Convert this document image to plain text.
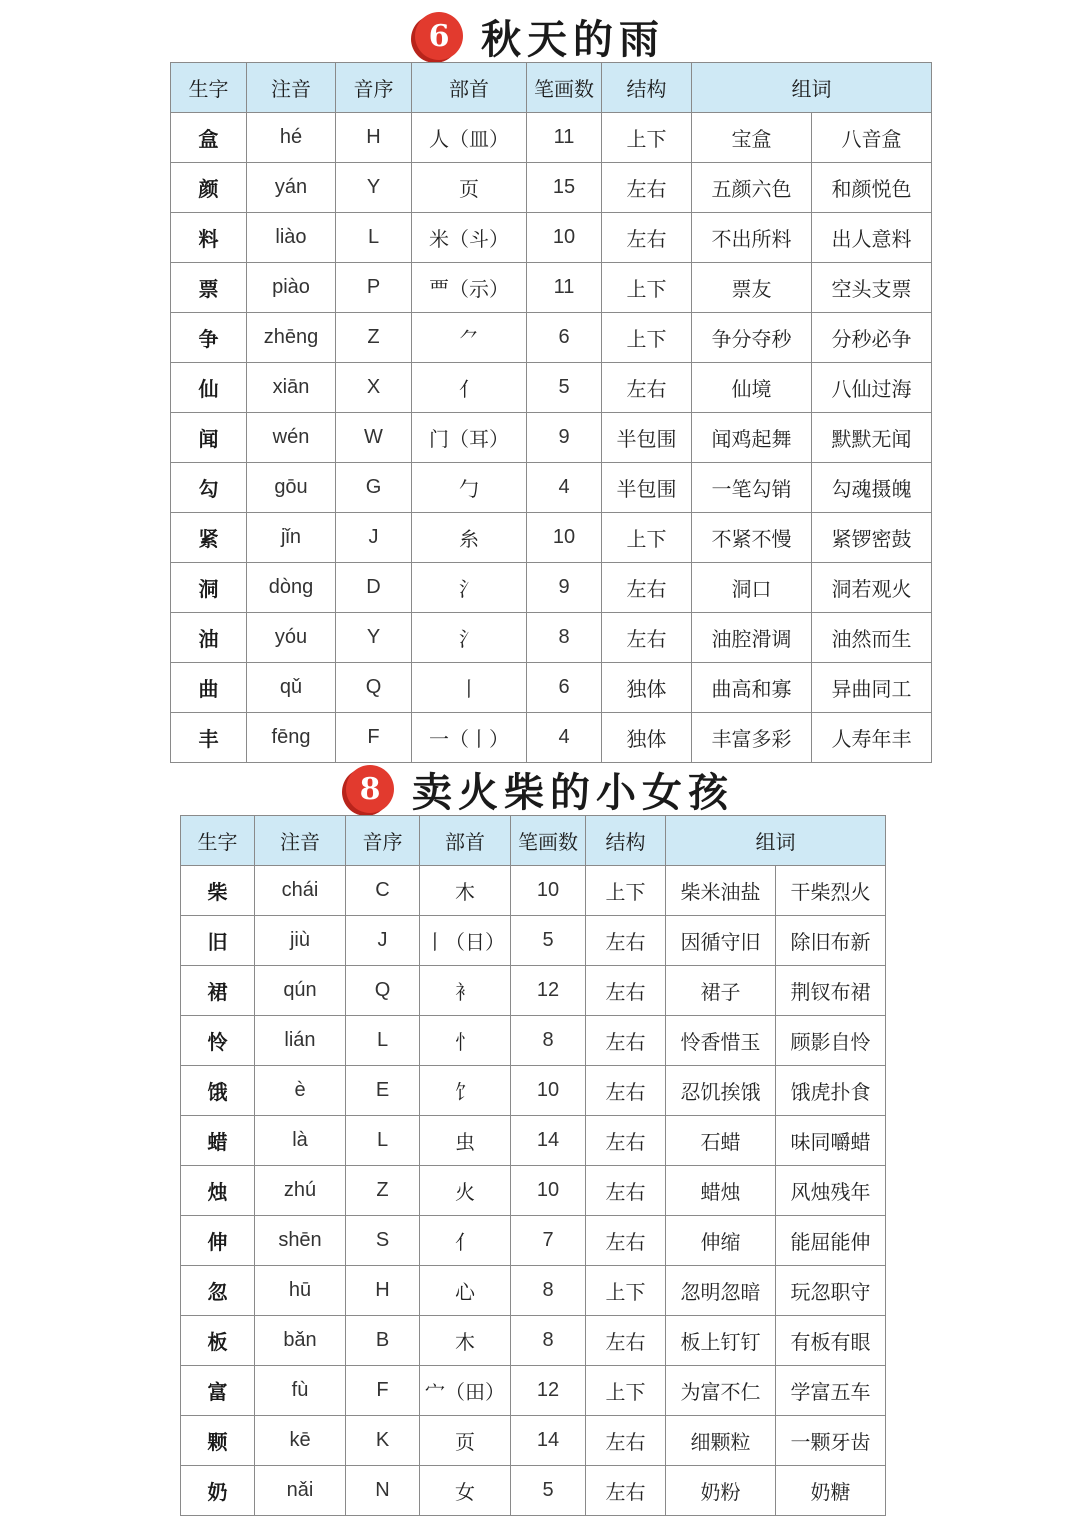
6 秋天的雨
生字	注音	音序	部首	笔画数	结构	组词	
盒	hé	H	人（皿）	11	上下	宝盒	八音盒
颜	yán	Y	页	15	左右	五颜六色	和颜悦色
料	liào	L	米（斗）	10	左右	不出所料	出人意料
票	piào	P	覀（示）	11	上下	票友	空头支票
争	zhēng	Z	⺈	6	上下	争分夺秒	分秒必争
仙	xiān	X	亻	5	左右	仙境	八仙过海
闻	wén	W	门（耳）	9	半包围	闻鸡起舞	默默无闻
勾	gōu	G	勹	4	半包围	一笔勾销	勾魂摄魄
紧	jǐn	J	糸	10	上下	不紧不慢	紧锣密鼓
洞	dòng	D	氵	9	左右	洞口	洞若观火
油	yóu	Y	氵	8	左右	油腔滑调	油然而生
曲	qǔ	Q	丨	6	独体	曲高和寡	异曲同工
丰	fēng	F	一（丨）	4	独体	丰富多彩	人寿年丰
8 卖火柴的小女孩
生字	注音	音序	部首	笔画数	结构	组词	
柴	chái	C	木	10	上下	柴米油盐	干柴烈火
旧	jiù	J	丨（日）	5	左右	因循守旧	除旧布新
裙	qún	Q	衤	12	左右	裙子	荆钗布裙
怜	lián	L	忄	8	左右	怜香惜玉	顾影自怜
饿	è	E	饣	10	左右	忍饥挨饿	饿虎扑食
蜡	là	L	虫	14	左右	石蜡	味同嚼蜡
烛	zhú	Z	火	10	左右	蜡烛	风烛残年
伸	shēn	S	亻	7	左右	伸缩	能屈能伸
忽	hū	H	心	8	上下	忽明忽暗	玩忽职守
板	bǎn	B	木	8	左右	板上钉钉	有板有眼
富	fù	F	宀（田）	12	上下	为富不仁	学富五车
颗	kē	K	页	14	左右	细颗粒	一颗牙齿
奶	nǎi	N	女	5	左右	奶粉	奶糖
